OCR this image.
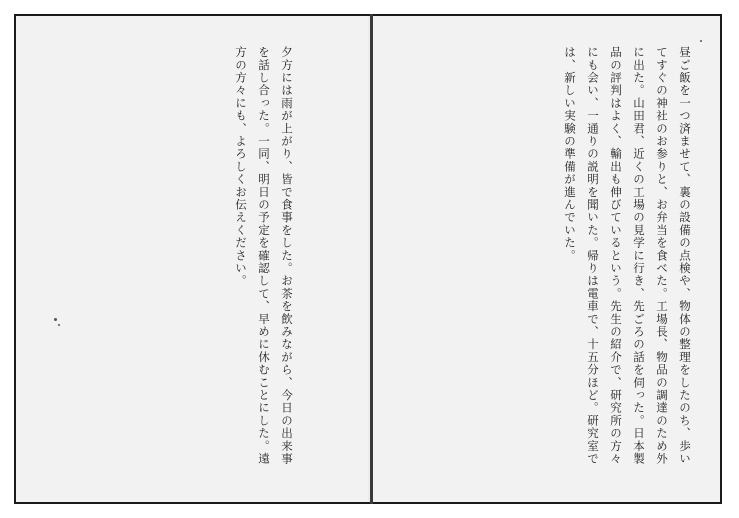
夕方には雨が上がり、皆で食事をした。お茶を飲みながら、今日の出来事を話し合った。一同、明日の予定を確認して、早めに休むことにした。遠方の方々にも、よろしくお伝えください。	昼ご飯を一つ済ませて、裏の設備の点検や、物体の整理をしたのち、歩いてすぐの神社のお参りと、お弁当を食べた。工場長、物品の調達のため外に出た。山田君、近くの工場の見学に行き、先ごろの話を伺った。日本製品の評判はよく、輸出も伸びているという。先生の紹介で、研究所の方々にも会い、一通りの説明を聞いた。帰りは電車で、十五分ほど。研究室では、新しい実験の準備が進んでいた。
